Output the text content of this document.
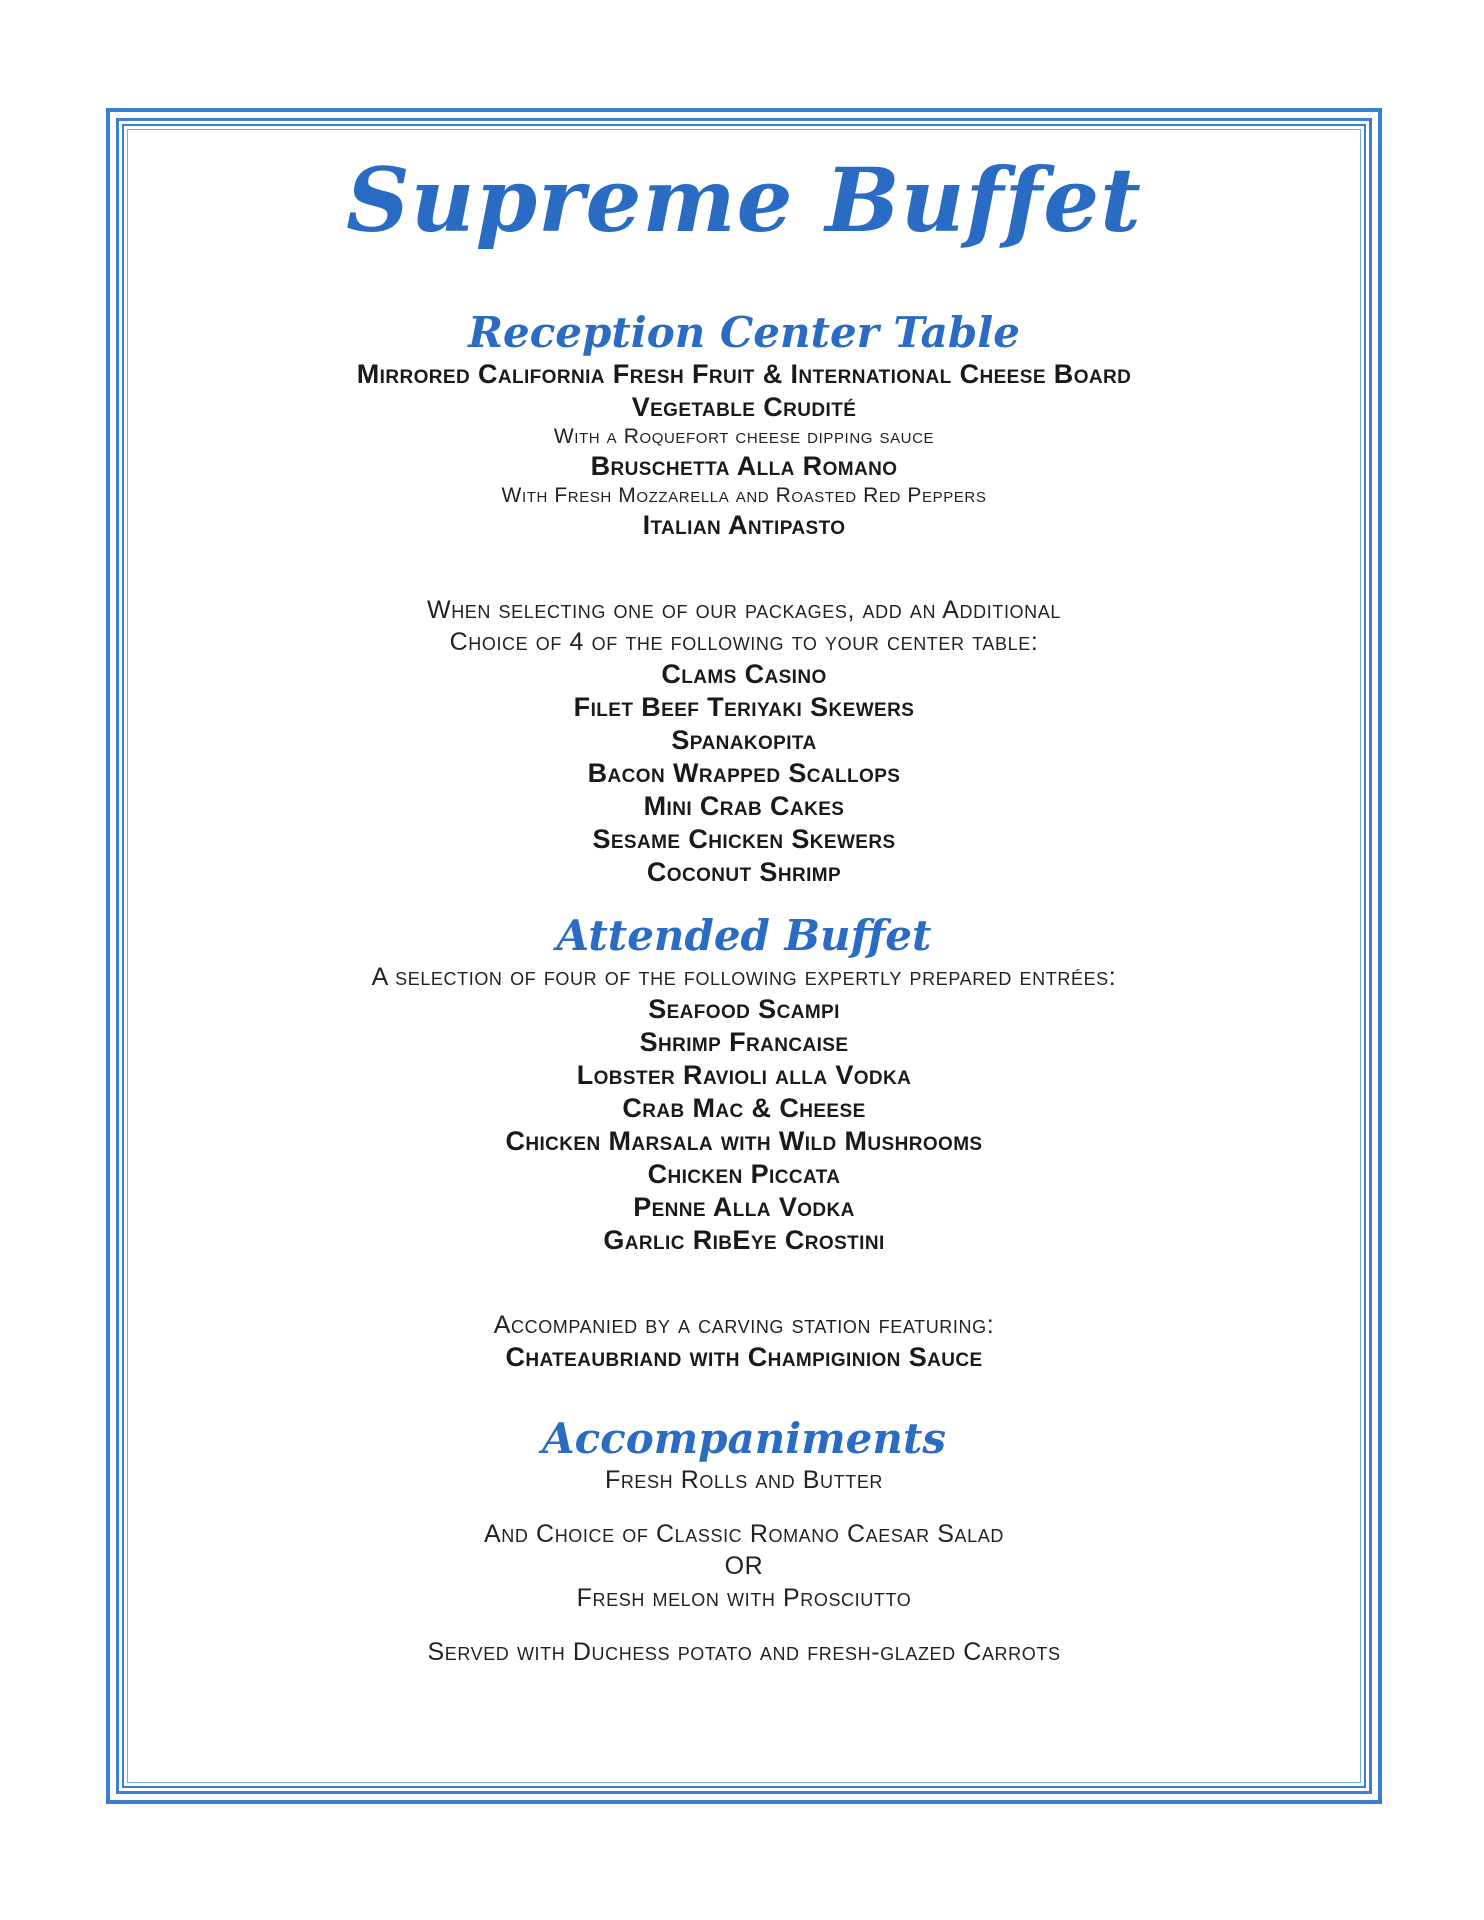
Supreme Buffet
Reception Center Table

Mirrored California Fresh Fruit & International Cheese Board

Vegetable Crudité

With a Roquefort cheese dipping sauce

Bruschetta Alla Romano

With Fresh Mozzarella and Roasted Red Peppers

Italian Antipasto

When selecting one of our packages, add an Additional

Choice of 4 of the following to your center table:

Clams Casino

Filet Beef Teriyaki Skewers

Spanakopita

Bacon Wrapped Scallops

Mini Crab Cakes

Sesame Chicken Skewers

Coconut Shrimp

Attended Buffet

A selection of four of the following expertly prepared entrées:

Seafood Scampi

Shrimp Francaise

Lobster Ravioli alla Vodka

Crab Mac & Cheese

Chicken Marsala with Wild Mushrooms

Chicken Piccata

Penne Alla Vodka

Garlic RibEye Crostini

Accompanied by a carving station featuring:

Chateaubriand with Champiginion Sauce

Accompaniments

Fresh Rolls and Butter

And Choice of Classic Romano Caesar Salad

OR

Fresh melon with Prosciutto

Served with Duchess potato and fresh-glazed Carrots
